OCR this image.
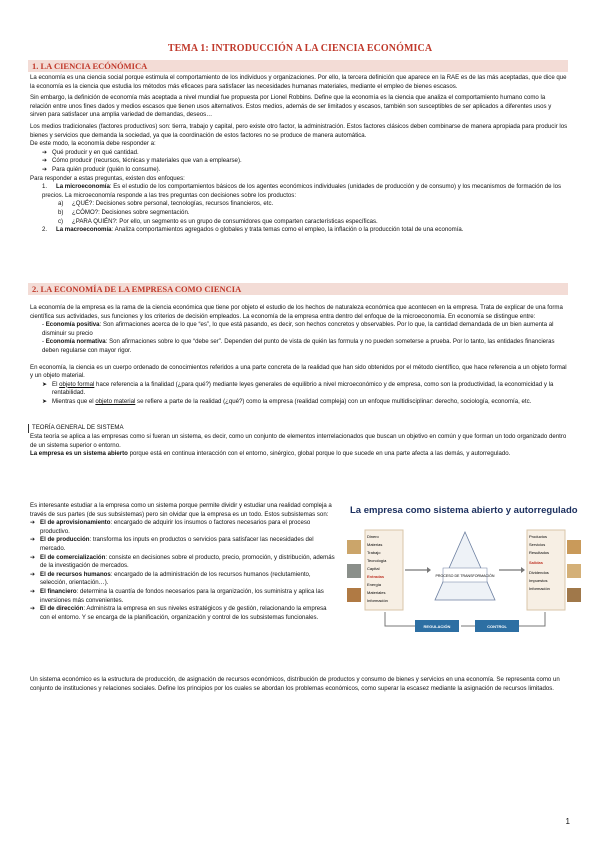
TEMA 1: INTRODUCCIÓN A LA CIENCIA ECONÓMICA
1. LA CIENCIA ECÓNÓMICA

La economía es una ciencia social porque estimula el comportamiento de los individuos y organizaciones. Por ello, la tercera definición que aparece en la RAE es de las más aceptadas, que dice que la economía es la ciencia que estudia los métodos más eficaces para satisfacer las necesidades humanas materiales, mediante el empleo de bienes escasos.

Sin embargo, la definición de economía más aceptada a nivel mundial fue propuesta por Lionel Robbins. Define que la economía es la ciencia que analiza el comportamiento humano como la relación entre unos fines dados y medios escasos que tienen usos alternativos. Estos medios, además de ser limitados y escasos, también son susceptibles de ser aplicados a diferentes usos y sirven para satisfacer una amplia variedad de demandas, deseos…

Los medios tradicionales (factores productivos) son: tierra, trabajo y capital, pero existe otro factor, la administración. Estos factores clásicos deben combinarse de manera apropiada para producir los bienes y servicios que demanda la sociedad, ya que la coordinación de estos factores no se produce de manera automática.

De este modo, la economía debe responder a:

➔ Qué producir y en qué cantidad.
➔ Cómo producir (recursos, técnicas y materiales que van a emplearse).
➔ Para quién producir (quién lo consume).

Para responder a estas preguntas, existen dos enfoques:

1. La microeconomía: Es el estudio de los comportamientos básicos de los agentes económicos individuales (unidades de producción y de consumo) y los mecanismos de formación de los precios. La microeconomía responde a las tres preguntas con decisiones sobre los productos:

a) ¿QUÉ?: Decisiones sobre personal, tecnologías, recursos financieros, etc.

b) ¿CÓMO?: Decisiones sobre segmentación.

c) ¿PARA QUIÉN?: Por ello, un segmento es un grupo de consumidores que comparten características específicas.

2. La macroeconomía: Analiza comportamientos agregados o globales y trata temas como el empleo, la inflación o la producción total de una economía.

2. LA ECONOMÍA DE LA EMPRESA COMO CIENCIA

La economía de la empresa es la rama de la ciencia económica que tiene por objeto el estudio de los hechos de naturaleza económica que acontecen en la empresa. Trata de explicar de una forma científica sus actividades, sus funciones y los criterios de decisión empleados. La economía de la empresa entra dentro del enfoque de la microeconomía. En economía se distingue entre:

- Economía positiva: Son afirmaciones acerca de lo que “es”, lo que está pasando, es decir, son hechos concretos y observables. Por lo que, la cantidad demandada de un bien aumenta al disminuir su precio

- Economía normativa: Son afirmaciones sobre lo que “debe ser”. Dependen del punto de vista de quién las formula y no pueden someterse a prueba. Por lo tanto, las entidades financieras deben regularse con mayor rigor.

En economía, la ciencia es un cuerpo ordenado de conocimientos referidos a una parte concreta de la realidad que han sido obtenidos por el método científico, que hace referencia a un objeto formal y un objeto material.

➤ El objeto formal hace referencia a la finalidad (¿para qué?) mediante leyes generales de equilibrio a nivel microeconómico y de empresa, como son la productividad, la economicidad y la rentabilidad.
➤ Mientras que el objeto material se refiere a parte de la realidad (¿qué?) como la empresa (realidad compleja) con un enfoque multidisciplinar: derecho, sociología, economía, etc.
TEORÍA GENERAL DE SISTEMA

Esta teoría se aplica a las empresas como si fueran un sistema, es decir, como un conjunto de elementos interrelacionados que buscan un objetivo en común y que forman un todo organizado dentro de un sistema superior o entorno.

La empresa es un sistema abierto porque está en continua interacción con el entorno, sinérgico, global porque lo que sucede en una parte afecta a las demás, y autorregulado.

Es interesante estudiar a la empresa como un sistema porque permite dividir y estudiar una realidad compleja a través de sus partes (de sus subsistemas) pero sin olvidar que la empresa es un todo. Estos subsistemas son:

➔ El de aprovisionamiento: encargado de adquirir los insumos o factores necesarios para el proceso productivo.
➔ El de producción: transforma los inputs en productos o servicios para satisfacer las necesidades del mercado.
➔ El de comercialización: consiste en decisiones sobre el producto, precio, promoción, y distribución, además de la investigación de mercados.
➔ El de recursos humanos: encargado de la administración de los recursos humanos (reclutamiento, selección, orientación…).
➔ El financiero: determina la cuantía de fondos necesarios para la organización, los suministra y aplica las inversiones más convenientes.
➔ El de dirección: Administra la empresa en sus niveles estratégicos y de gestión, relacionando la empresa con el entorno. Y se encarga de la planificación, organización y control de los subsistemas funcionales.
La empresa como sistema abierto y autorregulado
Dinero
Materias
Trabajo
Tecnología
Capital
Entradas
Energía
Materiales
Información
PROCESO DE TRANSFORMACIÓN
Productos
Servicios
Resultados
Salidas
Dividendos
Impuestos
Información
REGULACIÓN	CONTROL

Un sistema económico es la estructura de producción, de asignación de recursos económicos, distribución de productos y consumo de bienes y servicios en una economía. Se representa como un conjunto de instituciones y relaciones sociales. Define los principios por los cuales se abordan los problemas económicos, como superar la escasez mediante la asignación de recursos limitados.

1
